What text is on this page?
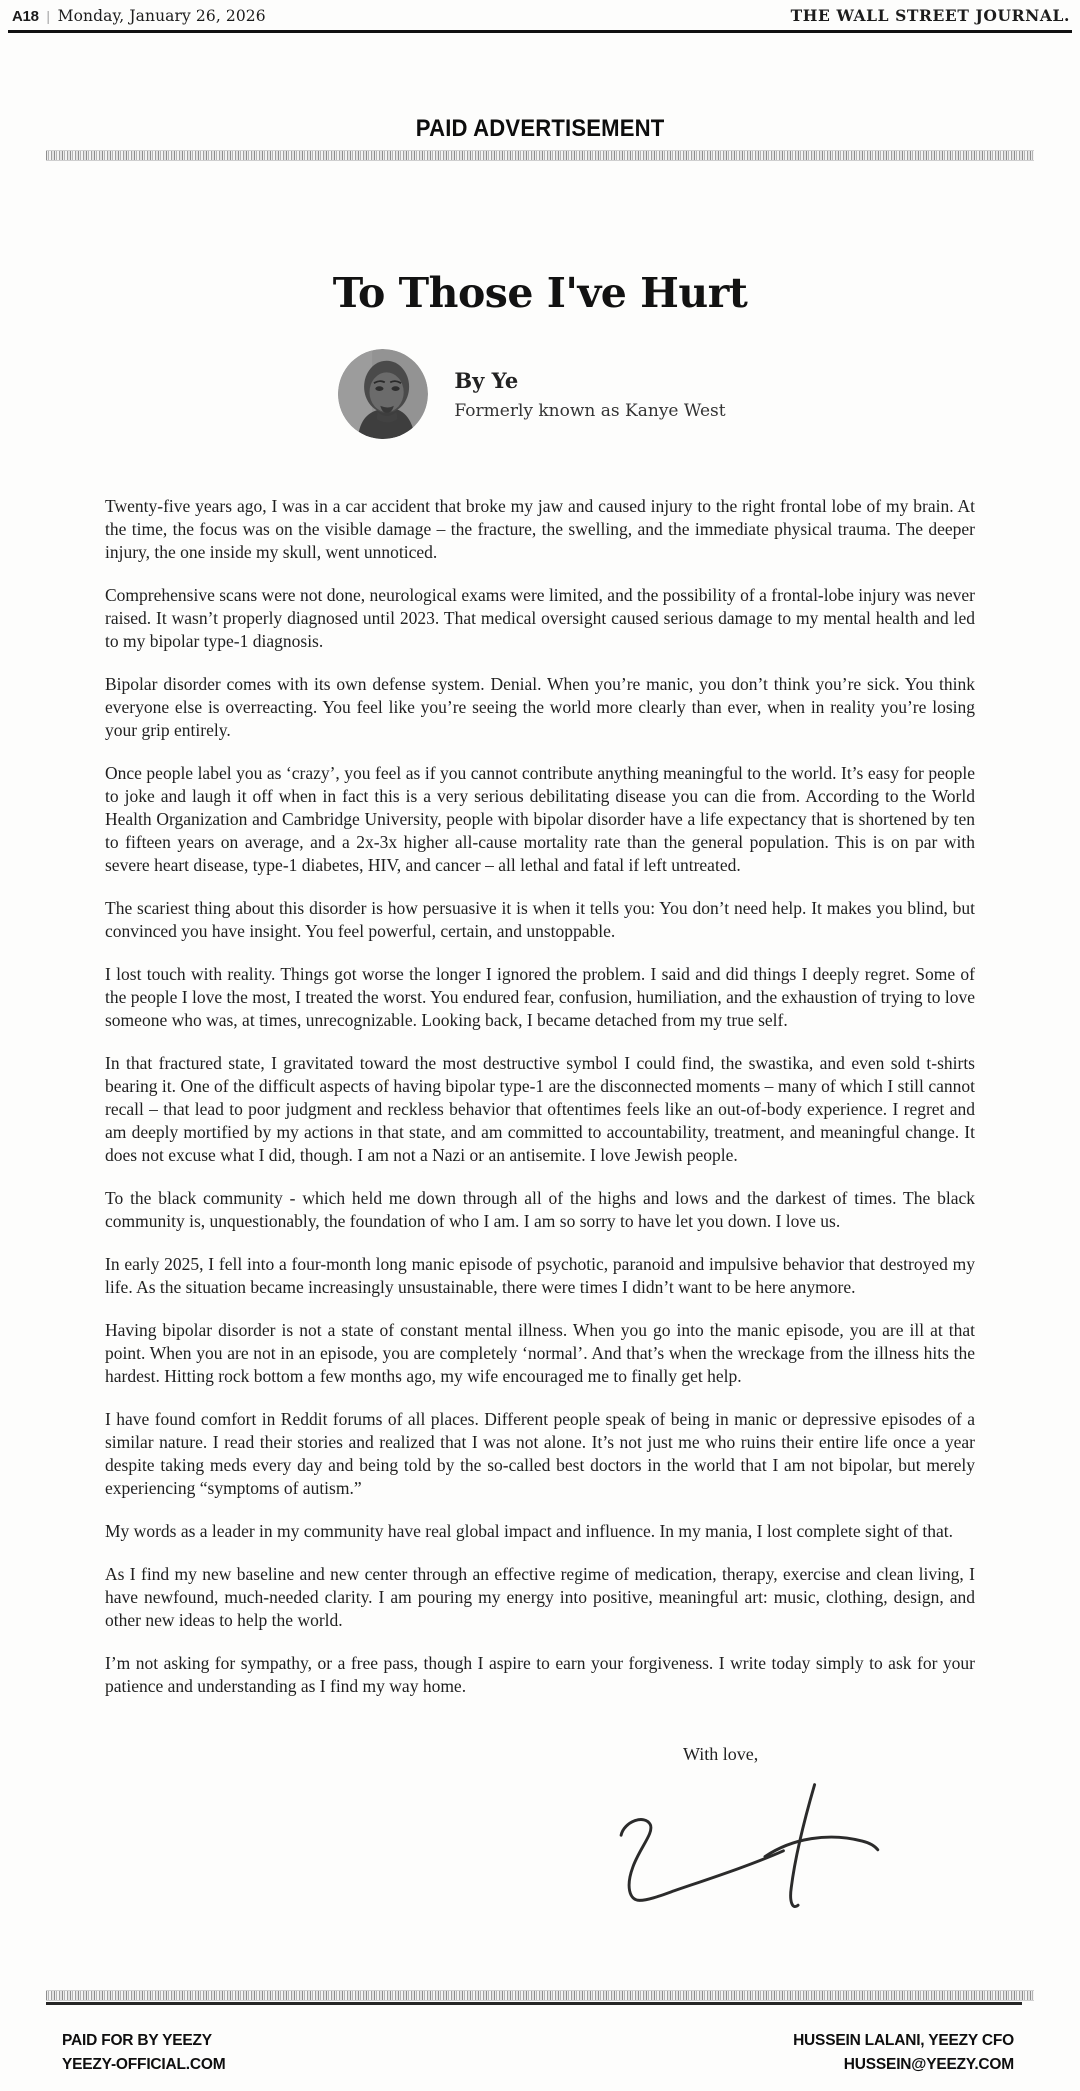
A18 | Monday, January 26, 2026	THE WALL STREET JOURNAL.
PAID ADVERTISEMENT
To Those I've Hurt
By Ye
Formerly known as Kanye West

Twenty-five years ago, I was in a car accident that broke my jaw and caused injury to the right frontal lobe of my brain. At the time, the focus was on the visible damage – the fracture, the swelling, and the immediate physical trauma. The deeper injury, the one inside my skull, went unnoticed.

Comprehensive scans were not done, neurological exams were limited, and the possibility of a frontal-lobe injury was never raised. It wasn’t properly diagnosed until 2023. That medical oversight caused serious damage to my mental health and led to my bipolar type-1 diagnosis.

Bipolar disorder comes with its own defense system. Denial. When you’re manic, you don’t think you’re sick. You think everyone else is overreacting. You feel like you’re seeing the world more clearly than ever, when in reality you’re losing your grip entirely.

Once people label you as ‘crazy’, you feel as if you cannot contribute anything meaningful to the world. It’s easy for people to joke and laugh it off when in fact this is a very serious debilitating disease you can die from. According to the World Health Organization and Cambridge University, people with bipolar disorder have a life expectancy that is shortened by ten to fifteen years on average, and a 2x-3x higher all-cause mortality rate than the general population. This is on par with severe heart disease, type-1 diabetes, HIV, and cancer – all lethal and fatal if left untreated.

The scariest thing about this disorder is how persuasive it is when it tells you: You don’t need help. It makes you blind, but convinced you have insight. You feel powerful, certain, and unstoppable.

I lost touch with reality. Things got worse the longer I ignored the problem. I said and did things I deeply regret. Some of the people I love the most, I treated the worst. You endured fear, confusion, humiliation, and the exhaustion of trying to love someone who was, at times, unrecognizable. Looking back, I became detached from my true self.

In that fractured state, I gravitated toward the most destructive symbol I could find, the swastika, and even sold t-shirts bearing it. One of the difficult aspects of having bipolar type-1 are the disconnected moments – many of which I still cannot recall – that lead to poor judgment and reckless behavior that oftentimes feels like an out-of-body experience. I regret and am deeply mortified by my actions in that state, and am committed to accountability, treatment, and meaningful change. It does not excuse what I did, though. I am not a Nazi or an antisemite. I love Jewish people.

To the black community - which held me down through all of the highs and lows and the darkest of times. The black community is, unquestionably, the foundation of who I am. I am so sorry to have let you down. I love us.

In early 2025, I fell into a four-month long manic episode of psychotic, paranoid and impulsive behavior that destroyed my life. As the situation became increasingly unsustainable, there were times I didn’t want to be here anymore.

Having bipolar disorder is not a state of constant mental illness. When you go into the manic episode, you are ill at that point. When you are not in an episode, you are completely ‘normal’. And that’s when the wreckage from the illness hits the hardest. Hitting rock bottom a few months ago, my wife encouraged me to finally get help.

I have found comfort in Reddit forums of all places. Different people speak of being in manic or depressive episodes of a similar nature. I read their stories and realized that I was not alone. It’s not just me who ruins their entire life once a year despite taking meds every day and being told by the so-called best doctors in the world that I am not bipolar, but merely experiencing “symptoms of autism.”

My words as a leader in my community have real global impact and influence. In my mania, I lost complete sight of that.

As I find my new baseline and new center through an effective regime of medication, therapy, exercise and clean living, I have newfound, much-needed clarity. I am pouring my energy into positive, meaningful art: music, clothing, design, and other new ideas to help the world.

I’m not asking for sympathy, or a free pass, though I aspire to earn your forgiveness. I write today simply to ask for your patience and understanding as I find my way home.

With love,
PAID FOR BY YEEZY
YEEZY-OFFICIAL.COM
HUSSEIN LALANI, YEEZY CFO
HUSSEIN@YEEZY.COM
